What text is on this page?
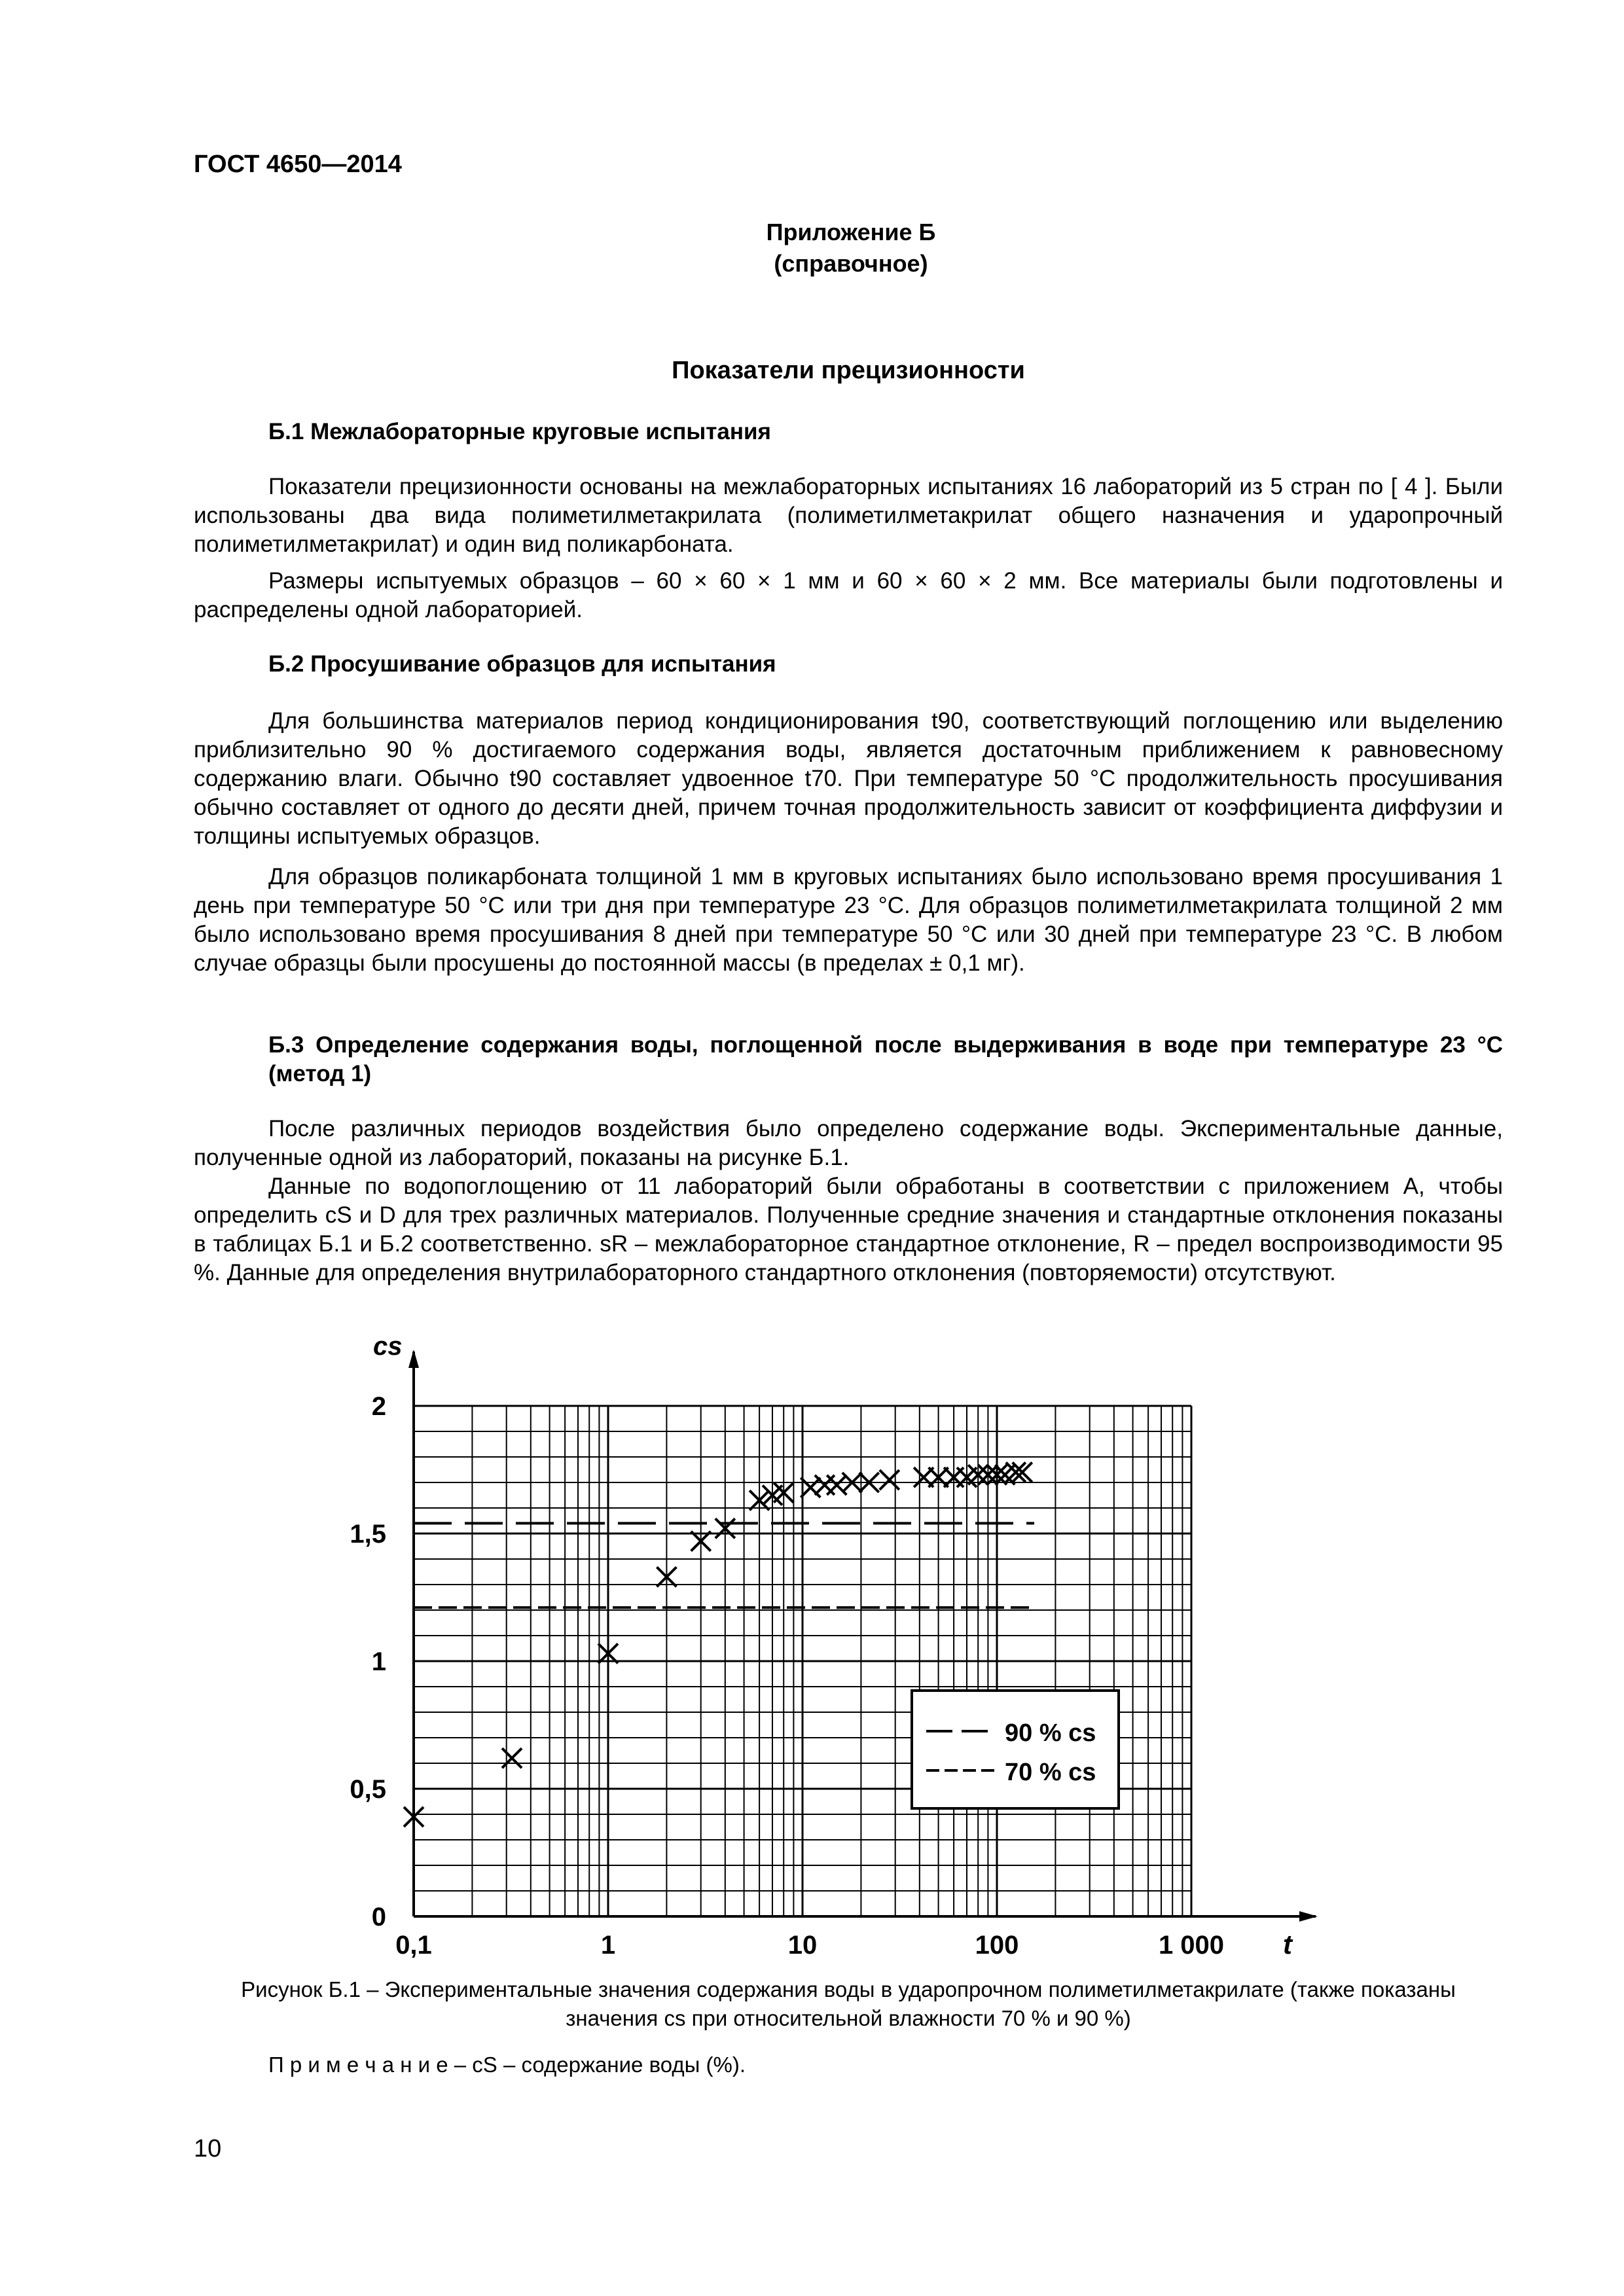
ГОСТ 4650—2014
Приложение Б
(справочное)
Показатели прецизионности
Б.1 Межлабораторные круговые испытания
Показатели прецизионности основаны на межлабораторных испытаниях 16 лабораторий из 5 стран по [ 4 ]. Были использованы два вида полиметилметакрилата (полиметилметакрилат общего назначения и ударопрочный полиметилметакрилат) и один вид поликарбоната.
Размеры испытуемых образцов – 60 × 60 × 1 мм и 60 × 60 × 2 мм. Все материалы были подготовлены и распределены одной лабораторией.
Б.2 Просушивание образцов для испытания
Для большинства материалов период кондиционирования t90, соответствующий поглощению или выделению приблизительно 90 % достигаемого содержания воды, является достаточным приближением к равновесному содержанию влаги. Обычно t90 составляет удвоенное t70. При температуре 50 °C продолжительность просушивания обычно составляет от одного до десяти дней, причем точная продолжительность зависит от коэффициента диффузии и толщины испытуемых образцов.
Для образцов поликарбоната толщиной 1 мм в круговых испытаниях было использовано время просушивания 1 день при температуре 50 °C или три дня при температуре 23 °C. Для образцов полиметилметакрилата толщиной 2 мм было использовано время просушивания 8 дней при температуре 50 °C или 30 дней при температуре 23 °C. В любом случае образцы были просушены до постоянной массы (в пределах ± 0,1 мг).
Б.3 Определение содержания воды, поглощенной после выдерживания в воде при температуре 23 °C (метод 1)
После различных периодов воздействия было определено содержание воды. Экспериментальные данные, полученные одной из лабораторий, показаны на рисунке Б.1.
Данные по водопоглощению от 11 лабораторий были обработаны в соответствии с приложением А, чтобы определить cS и D для трех различных материалов. Полученные средние значения и стандартные отклонения показаны в таблицах Б.1 и Б.2 соответственно. sR – межлабораторное стандартное отклонение, R – предел воспроизводимости 95 %. Данные для определения внутрилабораторного стандартного отклонения (повторяемости) отсутствуют.
cs
t
0,1	1	10	100	1 000
0
0,5
1
1,5
2
90 % cs
70 % cs
Рисунок Б.1 – Экспериментальные значения содержания воды в ударопрочном полиметилметакрилате (также показаны
значения cs при относительной влажности 70 % и 90 %)
П р и м е ч а н и е – cS – содержание воды (%).
10
